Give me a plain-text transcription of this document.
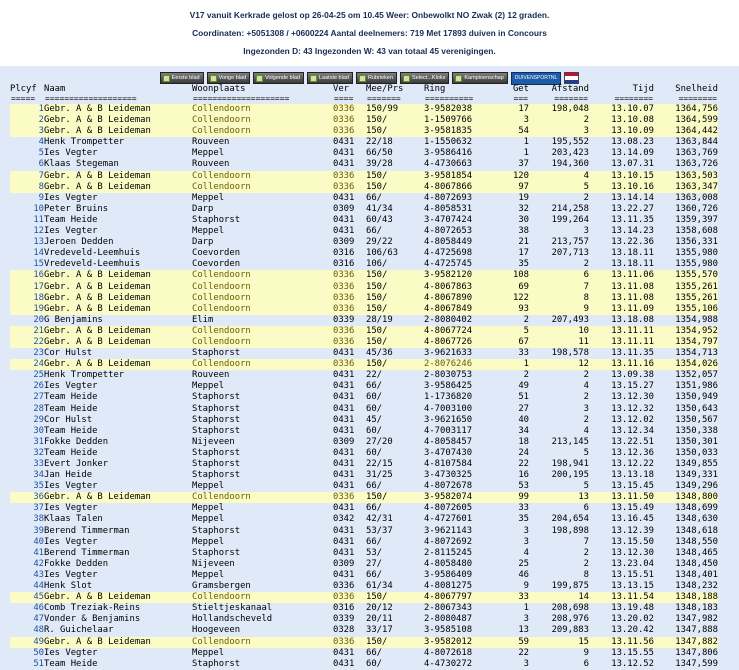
V17 vanuit Kerkrade gelost op 26-04-25 om 10.45 Weer: Onbewolkt NO Zwak (2) 12 graden.
Coordinaten: +5051308 / +0600224 Aantal deelnemers: 719 Met 17893 duiven in Concours
Ingezonden D: 43 Ingezonden W: 43 van totaal 45 verenigingen.
Eerste blad	Vorige blad	Volgende blad	Laatste blad	Rubrieken	Select...Kloks	Kampioenschap	DUIVENSPORTNL
Plcyf	Naam	Woonplaats	Ver	Mee/Prs	Ring	Get	Afstand	Tijd	Snelheid
=====	===================	====================	====	=======	==========	===	=======	========	========
1	Gebr. A & B Leideman	Collendoorn	0336	150/99	3-9582038	17	198,048	13.10.07	1364,756
2	Gebr. A & B Leideman	Collendoorn	0336	150/	1-1509766	3	2	13.10.08	1364,599
3	Gebr. A & B Leideman	Collendoorn	0336	150/	3-9581835	54	3	13.10.09	1364,442
4	Henk Trompetter	Rouveen	0431	22/18	1-1550632	1	195,552	13.08.23	1363,844
5	Ies Vegter	Meppel	0431	66/50	3-9586416	1	203,423	13.14.09	1363,769
6	Klaas Stegeman	Rouveen	0431	39/28	4-4730663	37	194,360	13.07.31	1363,726
7	Gebr. A & B Leideman	Collendoorn	0336	150/	3-9581854	120	4	13.10.15	1363,503
8	Gebr. A & B Leideman	Collendoorn	0336	150/	4-8067866	97	5	13.10.16	1363,347
9	Ies Vegter	Meppel	0431	66/	4-8072693	19	2	13.14.14	1363,008
10	Peter Bruins	Darp	0309	41/34	4-8058531	32	214,258	13.22.27	1360,726
11	Team Heide	Staphorst	0431	60/43	3-4707424	30	199,264	13.11.35	1359,397
12	Ies Vegter	Meppel	0431	66/	4-8072653	38	3	13.14.23	1358,608
13	Jeroen Dedden	Darp	0309	29/22	4-8058449	21	213,757	13.22.36	1356,331
14	Vredeveld-Leemhuis	Coevorden	0316	106/63	4-4725698	17	207,713	13.18.11	1355,980
15	Vredeveld-Leemhuis	Coevorden	0316	106/	4-4725745	35	2	13.18.11	1355,980
16	Gebr. A & B Leideman	Collendoorn	0336	150/	3-9582120	108	6	13.11.06	1355,570
17	Gebr. A & B Leideman	Collendoorn	0336	150/	4-8067863	69	7	13.11.08	1355,261
18	Gebr. A & B Leideman	Collendoorn	0336	150/	4-8067890	122	8	13.11.08	1355,261
19	Gebr. A & B Leideman	Collendoorn	0336	150/	4-8067849	93	9	13.11.09	1355,106
20	G Benjamins	Elim	0339	28/19	2-8080402	2	207,493	13.18.08	1354,988
21	Gebr. A & B Leideman	Collendoorn	0336	150/	4-8067724	5	10	13.11.11	1354,952
22	Gebr. A & B Leideman	Collendoorn	0336	150/	4-8067726	67	11	13.11.11	1354,797
23	Cor Hulst	Staphorst	0431	45/36	3-9621633	33	198,578	13.11.35	1354,713
24	Gebr. A & B Leideman	Collendoorn	0336	150/	2-8076246	1	12	13.11.16	1354,026
25	Henk Trompetter	Rouveen	0431	22/	2-8030753	2	2	13.09.38	1352,057
26	Ies Vegter	Meppel	0431	66/	3-9586425	49	4	13.15.27	1351,986
27	Team Heide	Staphorst	0431	60/	1-1736820	51	2	13.12.30	1350,949
28	Team Heide	Staphorst	0431	60/	4-7003100	27	3	13.12.32	1350,643
29	Cor Hulst	Staphorst	0431	45/	3-9621650	40	2	13.12.02	1350,567
30	Team Heide	Staphorst	0431	60/	4-7003117	34	4	13.12.34	1350,338
31	Fokke Dedden	Nijeveen	0309	27/20	4-8058457	18	213,145	13.22.51	1350,301
32	Team Heide	Staphorst	0431	60/	3-4707430	24	5	13.12.36	1350,033
33	Evert Jonker	Staphorst	0431	22/15	4-8107584	22	198,941	13.12.22	1349,855
34	Jan Heide	Staphorst	0431	31/25	3-4730325	16	200,195	13.13.18	1349,331
35	Ies Vegter	Meppel	0431	66/	4-8072678	53	5	13.15.45	1349,296
36	Gebr. A & B Leideman	Collendoorn	0336	150/	3-9582074	99	13	13.11.50	1348,800
37	Ies Vegter	Meppel	0431	66/	4-8072605	33	6	13.15.49	1348,699
38	Klaas Talen	Meppel	0342	42/31	4-4727601	35	204,654	13.16.45	1348,630
39	Berend Timmerman	Staphorst	0431	53/37	3-9621143	3	198,898	13.12.39	1348,618
40	Ies Vegter	Meppel	0431	66/	4-8072692	3	7	13.15.50	1348,550
41	Berend Timmerman	Staphorst	0431	53/	2-8115245	4	2	13.12.30	1348,465
42	Fokke Dedden	Nijeveen	0309	27/	4-8058480	25	2	13.23.04	1348,450
43	Ies Vegter	Meppel	0431	66/	3-9586409	46	8	13.15.51	1348,401
44	Henk Slot	Gramsbergen	0336	61/34	4-8081275	9	199,875	13.13.15	1348,232
45	Gebr. A & B Leideman	Collendoorn	0336	150/	4-8067797	33	14	13.11.54	1348,188
46	Comb Treziak-Reins	Stieltjeskanaal	0316	20/12	2-8067343	1	208,698	13.19.48	1348,183
47	Vonder & Benjamins	Hollandscheveld	0339	20/11	2-8080487	3	208,976	13.20.02	1347,982
48	R. Guichelaar	Hoogeveen	0328	33/17	3-9585108	13	209,883	13.20.42	1347,888
49	Gebr. A & B Leideman	Collendoorn	0336	150/	3-9582012	59	15	13.11.56	1347,882
50	Ies Vegter	Meppel	0431	66/	4-8072618	22	9	13.15.55	1347,806
51	Team Heide	Staphorst	0431	60/	4-4730272	3	6	13.12.52	1347,599
